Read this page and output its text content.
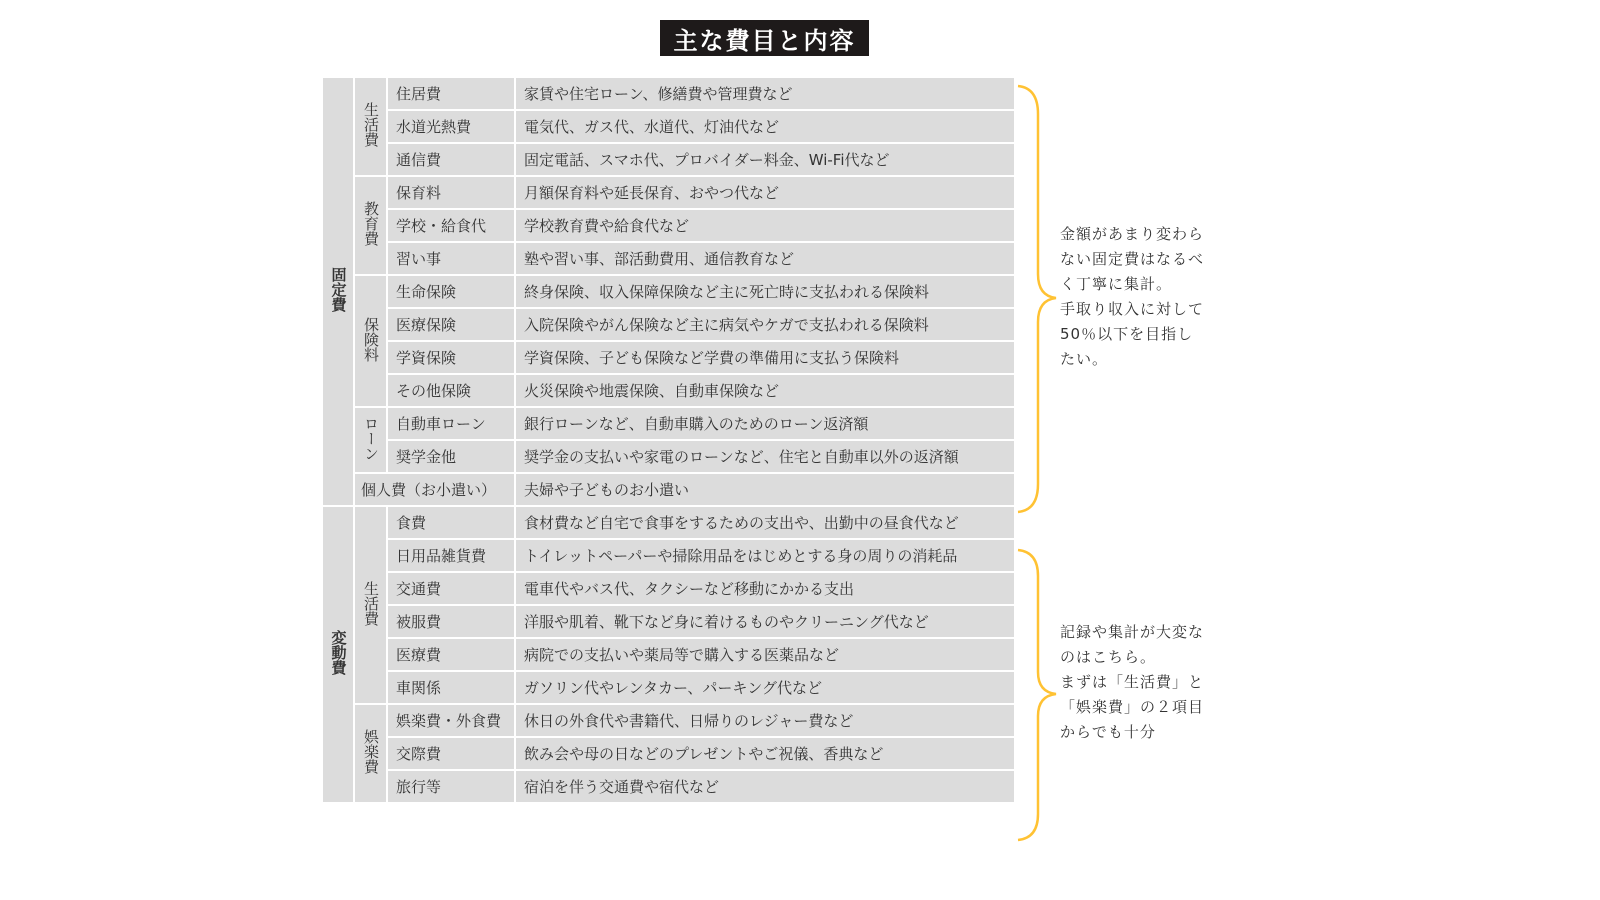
主な費目と内容
固定費	生活費	住居費	家賃や住宅ローン、修繕費や管理費など
		水道光熱費	電気代、ガス代、水道代、灯油代など
		通信費	固定電話、スマホ代、プロバイダー料金、Wi-Fi代など
	教育費	保育料	月額保育料や延長保育、おやつ代など
		学校・給食代	学校教育費や給食代など
		習い事	塾や習い事、部活動費用、通信教育など
	保険料	生命保険	終身保険、収入保障保険など主に死亡時に支払われる保険料
		医療保険	入院保険やがん保険など主に病気やケガで支払われる保険料
		学資保険	学資保険、子ども保険など学費の準備用に支払う保険料
		その他保険	火災保険や地震保険、自動車保険など
	ローン	自動車ローン	銀行ローンなど、自動車購入のためのローン返済額
		奨学金他	奨学金の支払いや家電のローンなど、住宅と自動車以外の返済額
	個人費（お小遣い）		夫婦や子どものお小遣い
変動費	生活費	食費	食材費など自宅で食事をするための支出や、出勤中の昼食代など
		日用品雑貨費	トイレットペーパーや掃除用品をはじめとする身の周りの消耗品
		交通費	電車代やバス代、タクシーなど移動にかかる支出
		被服費	洋服や肌着、靴下など身に着けるものやクリーニング代など
		医療費	病院での支払いや薬局等で購入する医薬品など
		車関係	ガソリン代やレンタカー、パーキング代など
	娯楽費	娯楽費・外食費	休日の外食代や書籍代、日帰りのレジャー費など
		交際費	飲み会や母の日などのプレゼントやご祝儀、香典など
		旅行等	宿泊を伴う交通費や宿代など
金額があまり変わら
ない固定費はなるべ
く丁寧に集計。
手取り収入に対して
50％以下を目指し
たい。
記録や集計が大変な
のはこちら。
まずは「生活費」と
「娯楽費」の２項目
からでも十分
